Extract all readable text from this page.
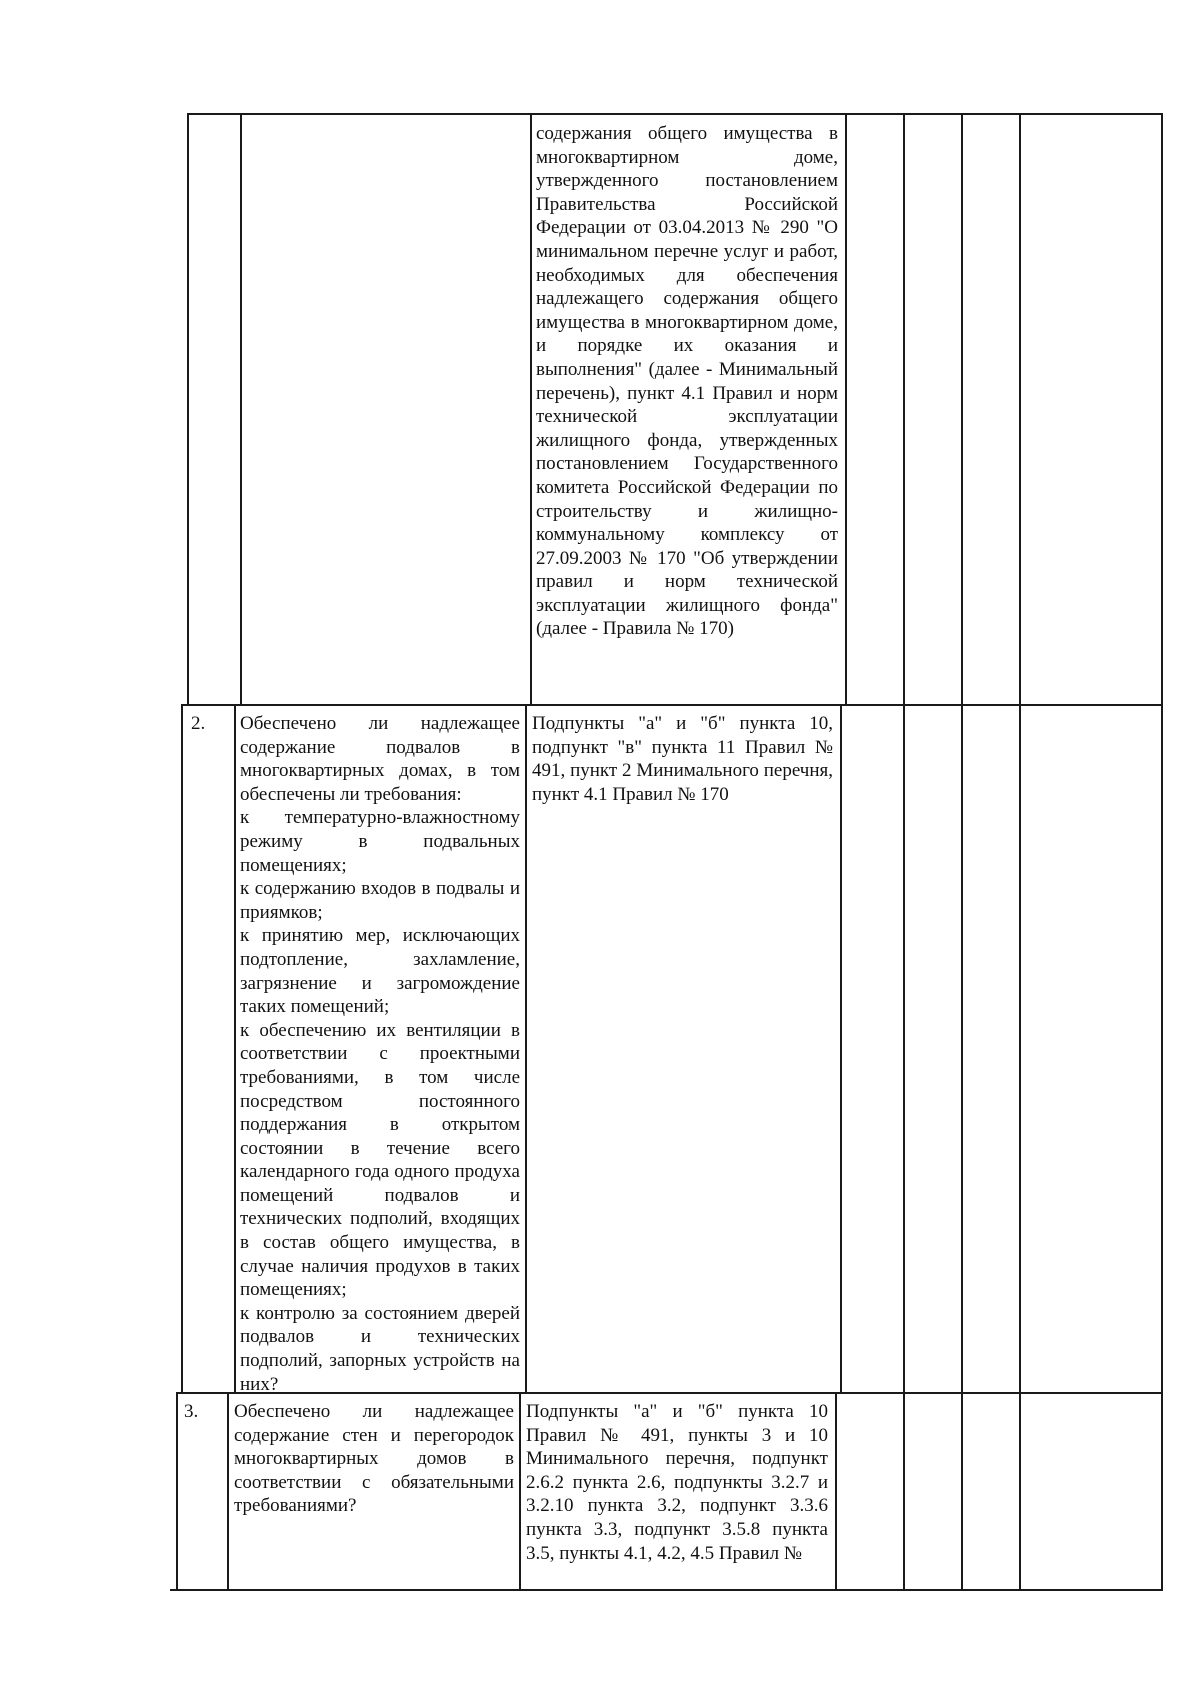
содержания общего имущества в многоквартирном доме, утвержденного постановлением Правительства Российской Федерации от 03.04.2013 № 290 "О минимальном перечне услуг и работ, необходимых для обеспечения надлежащего содержания общего имущества в многоквартирном доме, и порядке их оказания и выполнения" (далее - Минимальный перечень), пункт 4.1 Правил и норм технической эксплуатации жилищного фонда, утвержденных постановлением Государственного комитета Российской Федерации по строительству и жилищно-коммунальному комплексу от 27.09.2003 № 170 "Об утверждении правил и норм технической эксплуатации жилищного фонда" (далее - Правила № 170)
2. Обеспечено ли надлежащее содержание подвалов в многоквартирных домах, в том обеспечены ли требования:
к температурно-влажностному режиму в подвальных помещениях;
к содержанию входов в подвалы и приямков;
к принятию мер, исключающих подтопление, захламление, загрязнение и загромождение таких помещений;
к обеспечению их вентиляции в соответствии с проектными требованиями, в том числе посредством постоянного поддержания в открытом состоянии в течение всего календарного года одного продуха помещений подвалов и технических подполий, входящих в состав общего имущества, в случае наличия продухов в таких помещениях;
к контролю за состоянием дверей подвалов и технических подполий, запорных устройств на них?
Подпункты "а" и "б" пункта 10, подпункт "в" пункта 11 Правил № 491, пункт 2 Минимального перечня, пункт 4.1 Правил № 170
3. Обеспечено ли надлежащее содержание стен и перегородок многоквартирных домов в соответствии с обязательными требованиями?
Подпункты "а" и "б" пункта 10 Правил № 491, пункты 3 и 10 Минимального перечня, подпункт 2.6.2 пункта 2.6, подпункты 3.2.7 и 3.2.10 пункта 3.2, подпункт 3.3.6 пункта 3.3, подпункт 3.5.8 пункта 3.5, пункты 4.1, 4.2, 4.5 Правил №
